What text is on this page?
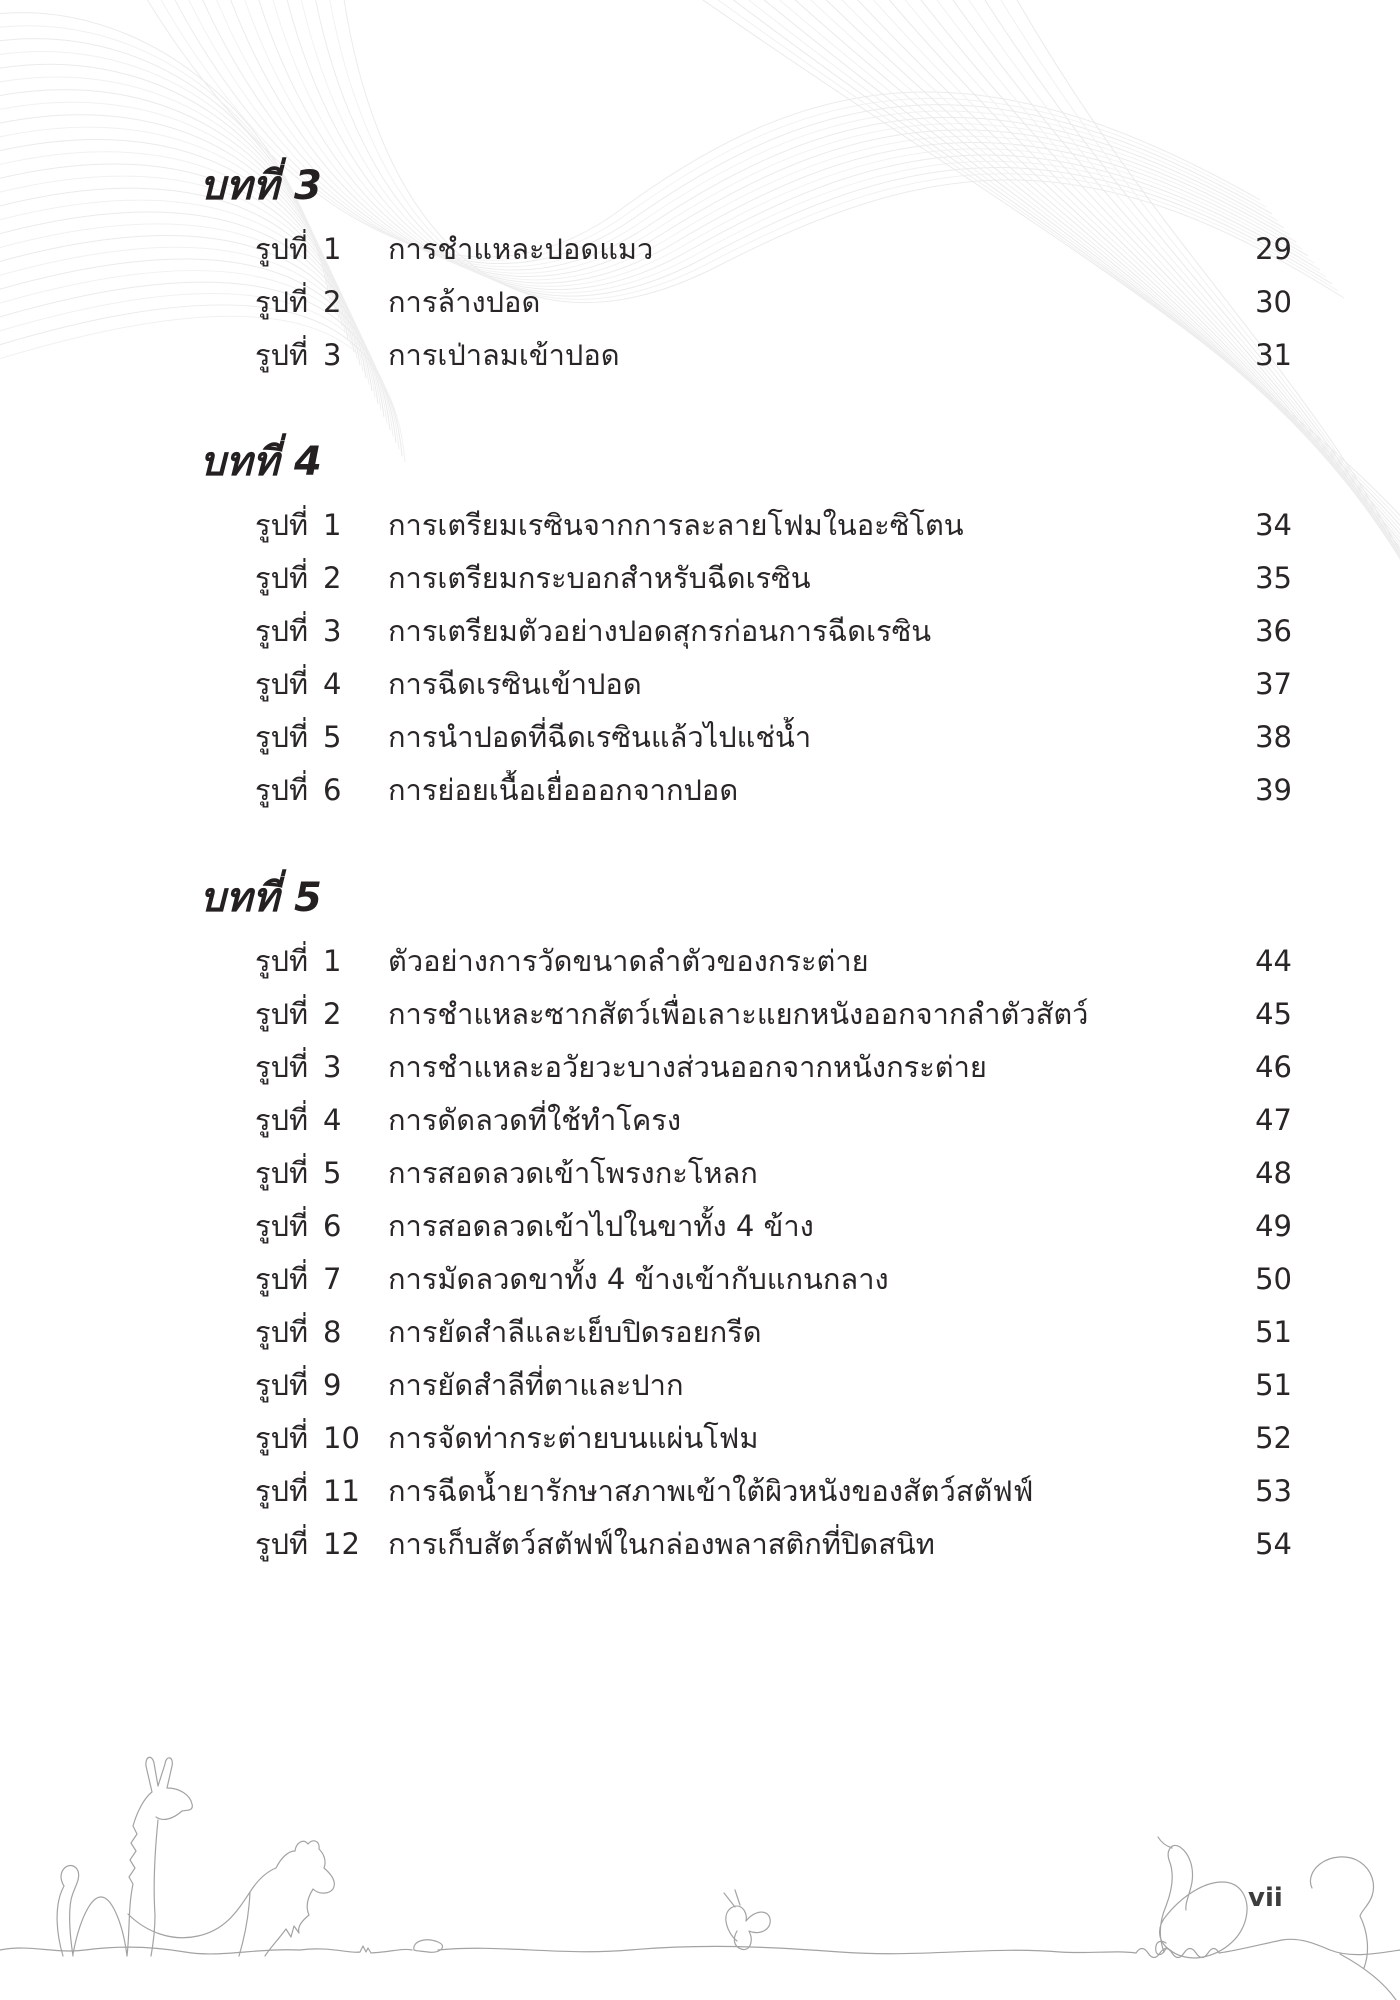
บทที่ 3
รูปที่ 1	การชำแหละปอดแมว	29
รูปที่ 2	การล้างปอด	30
รูปที่ 3	การเป่าลมเข้าปอด	31
บทที่ 4
รูปที่ 1	การเตรียมเรซินจากการละลายโฟมในอะซิโตน	34
รูปที่ 2	การเตรียมกระบอกสำหรับฉีดเรซิน	35
รูปที่ 3	การเตรียมตัวอย่างปอดสุกรก่อนการฉีดเรซิน	36
รูปที่ 4	การฉีดเรซินเข้าปอด	37
รูปที่ 5	การนำปอดที่ฉีดเรซินแล้วไปแช่น้ำ	38
รูปที่ 6	การย่อยเนื้อเยื่อออกจากปอด	39
บทที่ 5
รูปที่ 1	ตัวอย่างการวัดขนาดลำตัวของกระต่าย	44
รูปที่ 2	การชำแหละซากสัตว์เพื่อเลาะแยกหนังออกจากลำตัวสัตว์	45
รูปที่ 3	การชำแหละอวัยวะบางส่วนออกจากหนังกระต่าย	46
รูปที่ 4	การดัดลวดที่ใช้ทำโครง	47
รูปที่ 5	การสอดลวดเข้าโพรงกะโหลก	48
รูปที่ 6	การสอดลวดเข้าไปในขาทั้ง 4 ข้าง	49
รูปที่ 7	การมัดลวดขาทั้ง 4 ข้างเข้ากับแกนกลาง	50
รูปที่ 8	การยัดสำลีและเย็บปิดรอยกรีด	51
รูปที่ 9	การยัดสำลีที่ตาและปาก	51
รูปที่ 10 การจัดท่ากระต่ายบนแผ่นโฟม	52
รูปที่ 11 การฉีดน้ำยารักษาสภาพเข้าใต้ผิวหนังของสัตว์สตัฟฟ์	53
รูปที่ 12 การเก็บสัตว์สตัฟฟ์ในกล่องพลาสติกที่ปิดสนิท	54
vii
